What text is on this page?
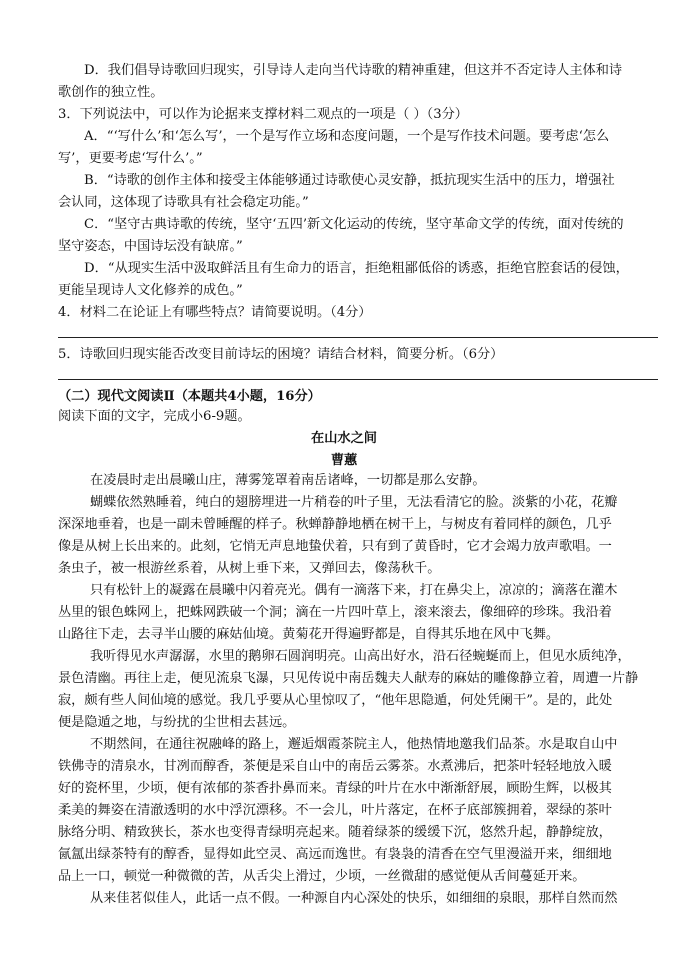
D．我们倡导诗歌回归现实，引导诗人走向当代诗歌的精神重建，但这并不否定诗人主体和诗
歌创作的独立性。
3．下列说法中，可以作为论据来支撑材料二观点的一项是（ ）（3分）
A．“‘写什么’和‘怎么写’，一个是写作立场和态度问题，一个是写作技术问题。要考虑‘怎么
写’，更要考虑‘写什么’。”
B．“诗歌的创作主体和接受主体能够通过诗歌使心灵安静，抵抗现实生活中的压力，增强社
会认同，这体现了诗歌具有社会稳定功能。”
C．“坚守古典诗歌的传统，坚守‘五四’新文化运动的传统，坚守革命文学的传统，面对传统的
坚守姿态，中国诗坛没有缺席。”
D．“从现实生活中汲取鲜活且有生命力的语言，拒绝粗鄙低俗的诱惑，拒绝官腔套话的侵蚀，
更能呈现诗人文化修养的成色。”
4．材料二在论证上有哪些特点？请简要说明。（4分）
5．诗歌回归现实能否改变目前诗坛的困境？请结合材料，简要分析。（6分）
（二）现代文阅读Ⅱ（本题共4小题，16分）
阅读下面的文字，完成小6-9题。
在山水之间
曹蕙
在凌晨时走出晨曦山庄，薄雾笼罩着南岳诸峰，一切都是那么安静。
蝴蝶依然熟睡着，纯白的翅膀埋进一片稍卷的叶子里，无法看清它的脸。淡紫的小花，花瓣
深深地垂着，也是一副未曾睡醒的样子。秋蝉静静地栖在树干上，与树皮有着同样的颜色，几乎
像是从树上长出来的。此刻，它悄无声息地蛰伏着，只有到了黄昏时，它才会竭力放声歌唱。一
条虫子，被一根游丝系着，从树上垂下来，又弹回去，像荡秋千。
只有松针上的凝露在晨曦中闪着亮光。偶有一滴落下来，打在鼻尖上，凉凉的；滴落在灌木
丛里的银色蛛网上，把蛛网跌破一个洞；滴在一片四叶草上，滚来滚去，像细碎的珍珠。我沿着
山路往下走，去寻半山腰的麻姑仙境。黄菊花开得遍野都是，自得其乐地在风中飞舞。
我听得见水声潺潺，水里的鹅卵石圆润明亮。山高出好水，沿石径蜿蜒而上，但见水质纯净，
景色清幽。再往上走，便见流泉飞瀑，只见传说中南岳魏夫人献寿的麻姑的雕像静立着，周遭一片静
寂，颇有些人间仙境的感觉。我几乎要从心里惊叹了，“他年思隐遁，何处凭阑干”。是的，此处
便是隐遁之地，与纷扰的尘世相去甚远。
不期然间，在通往祝融峰的路上，邂逅烟霞茶院主人，他热情地邀我们品茶。水是取自山中
铁佛寺的清泉水，甘冽而醇香，茶便是采自山中的南岳云雾茶。水煮沸后，把茶叶轻轻地放入暖
好的瓷杯里，少顷，便有浓郁的茶香扑鼻而来。青绿的叶片在水中渐渐舒展，顾盼生辉，以极其
柔美的舞姿在清澈透明的水中浮沉漂移。不一会儿，叶片落定，在杯子底部簇拥着，翠绿的茶叶
脉络分明、精致狭长，茶水也变得青绿明亮起来。随着绿茶的缓缓下沉，悠然升起，静静绽放，
氤氲出绿茶特有的醇香，显得如此空灵、高远而逸世。有袅袅的清香在空气里漫溢开来，细细地
品上一口，顿觉一种微微的苦，从舌尖上滑过，少顷，一丝微甜的感觉便从舌间蔓延开来。
从来佳茗似佳人，此话一点不假。一种源自内心深处的快乐，如细细的泉眼，那样自然而然
